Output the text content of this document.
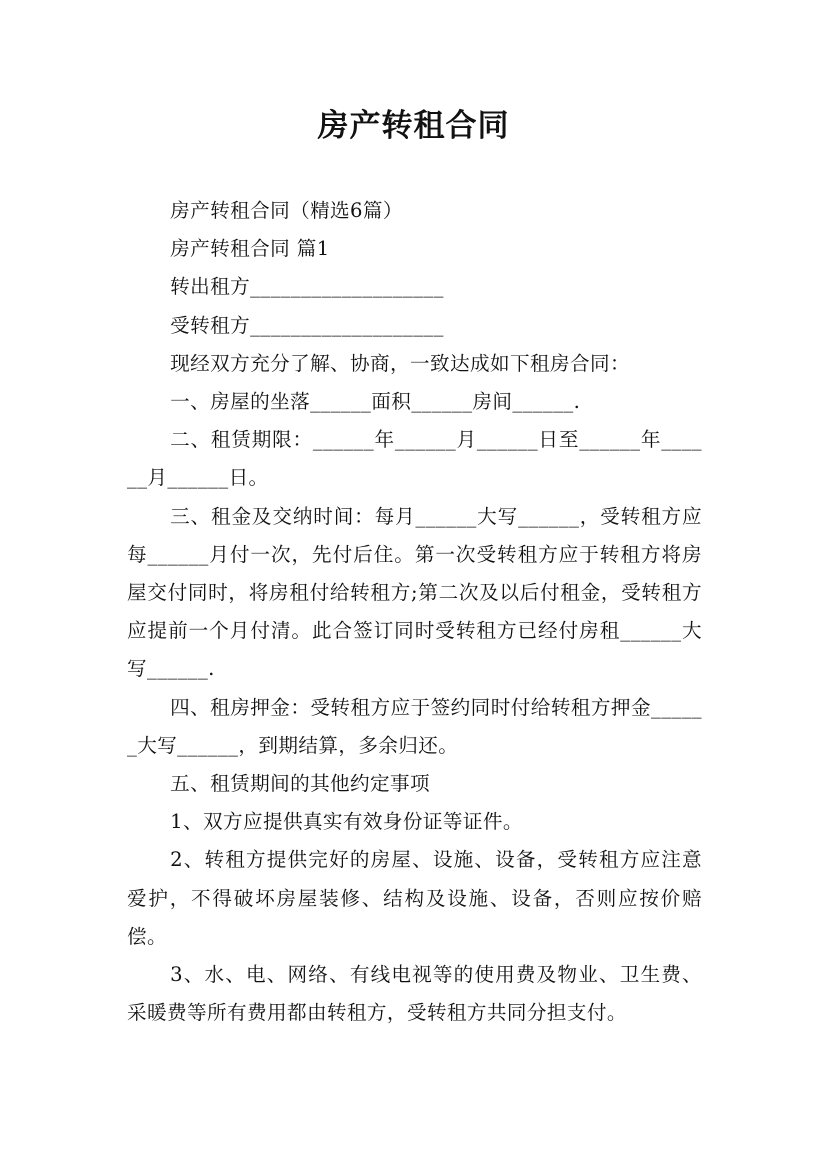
房产转租合同

房产转租合同（精选6篇）

房产转租合同 篇1

转出租方___________________

受转租方___________________

现经双方充分了解、协商，一致达成如下租房合同：

一、房屋的坐落______面积______房间______.

二、租赁期限：______年______月______日至______年______月______日。

三、租金及交纳时间：每月______大写______，受转租方应每______月付一次，先付后住。第一次受转租方应于转租方将房屋交付同时，将房租付给转租方;第二次及以后付租金，受转租方应提前一个月付清。此合签订同时受转租方已经付房租______大写______.

四、租房押金：受转租方应于签约同时付给转租方押金______大写______，到期结算，多余归还。

五、租赁期间的其他约定事项

1、双方应提供真实有效身份证等证件。

2、转租方提供完好的房屋、设施、设备，受转租方应注意爱护，不得破坏房屋装修、结构及设施、设备，否则应按价赔偿。

3、水、电、网络、有线电视等的使用费及物业、卫生费、采暖费等所有费用都由转租方，受转租方共同分担支付。
